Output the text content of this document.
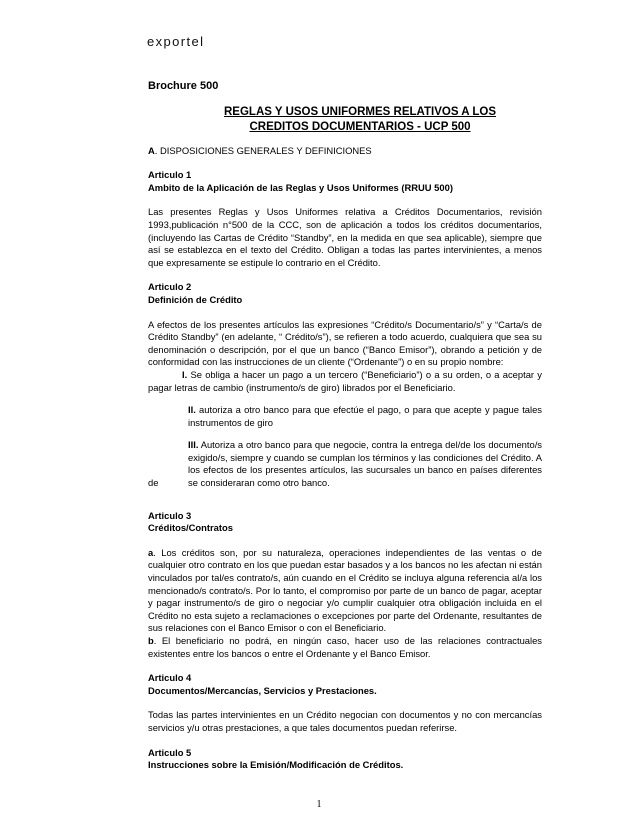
exportel
Brochure 500
REGLAS Y USOS UNIFORMES RELATIVOS A LOS
CREDITOS DOCUMENTARIOS - UCP 500
A. DISPOSICIONES GENERALES Y DEFINICIONES
Articulo 1
Ambito de la Aplicación de las Reglas y Usos Uniformes (RRUU 500)

Las presentes Reglas y Usos Uniformes relativa a Créditos Documentarios, revisión 1993,publicación n°500 de la CCC, son de aplicación a todos los créditos documentarios, (incluyendo las Cartas de Crédito “Standby”, en la medida en que sea aplicable), siempre que así se establezca en el texto del Crédito. Obligan a todas las partes intervinientes, a menos que expresamente se estipule lo contrario en el Crédito.

Articulo 2
Definición de Crédito

A efectos de los presentes artículos las expresiones “Crédito/s Documentario/s” y “Carta/s de Crédito Standby” (en adelante, “ Crédito/s”), se refieren a todo acuerdo, cualquiera que sea su denominación o descripción, por el que un banco (“Banco Emisor”), obrando a petición y de conformidad con las instrucciones de un cliente (“Ordenante”) o en su propio nombre:

I. Se obliga a hacer un pago a un tercero (“Beneficiario”) o a su orden, o a aceptar y pagar letras de cambio (instrumento/s de giro) librados por el Beneficiario.
II. autoriza a otro banco para que efectúe el pago, o para que acepte y pague tales instrumentos de giro
de
III. Autoriza a otro banco para que negocie, contra la entrega del/de los documento/s exigido/s, siempre y cuando se cumplan los términos y las condiciones del Crédito. A los efectos de los presentes artículos, las sucursales un banco en países diferentes se consideraran como otro banco.
Articulo 3
Créditos/Contratos

a. Los créditos son, por su naturaleza, operaciones independientes de las ventas o de cualquier otro contrato en los que puedan estar basados y a los bancos no les afectan ni están vinculados por tal/es contrato/s, aún cuando en el Crédito se incluya alguna referencia al/a los mencionado/s contrato/s. Por lo tanto, el compromiso por parte de un banco de pagar, aceptar y pagar instrumento/s de giro o negociar y/o cumplir cualquier otra obligación incluida en el Crédito no esta sujeto a reclamaciones o excepciones por parte del Ordenante, resultantes de sus relaciones con el Banco Emisor o con el Beneficiario.
b. El beneficiario no podrá, en ningún caso, hacer uso de las relaciones contractuales existentes entre los bancos o entre el Ordenante y el Banco Emisor.

Articulo 4
Documentos/Mercancías, Servicios y Prestaciones.

Todas las partes intervinientes en un Crédito negocian con documentos y no con mercancías servicios y/u otras prestaciones, a que tales documentos puedan referirse.

Articulo 5
Instrucciones sobre la Emisión/Modificación de Créditos.
1
